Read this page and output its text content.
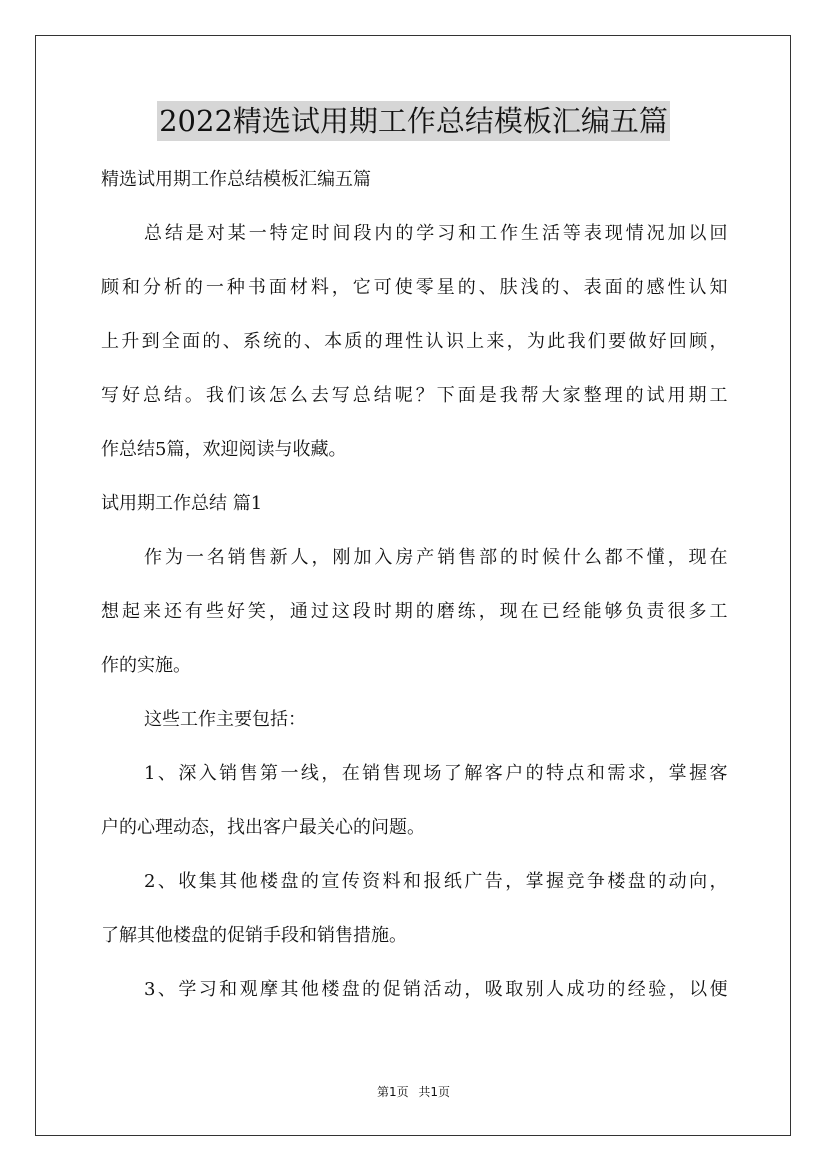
2022精选试用期工作总结模板汇编五篇
精选试用期工作总结模板汇编五篇
总结是对某一特定时间段内的学习和工作生活等表现情况加以回
顾和分析的一种书面材料，它可使零星的、肤浅的、表面的感性认知
上升到全面的、系统的、本质的理性认识上来，为此我们要做好回顾，
写好总结。我们该怎么去写总结呢？下面是我帮大家整理的试用期工
作总结5篇，欢迎阅读与收藏。
试用期工作总结 篇1
作为一名销售新人，刚加入房产销售部的时候什么都不懂，现在
想起来还有些好笑，通过这段时期的磨练，现在已经能够负责很多工
作的实施。
这些工作主要包括：
1、深入销售第一线，在销售现场了解客户的特点和需求，掌握客
户的心理动态，找出客户最关心的问题。
2、收集其他楼盘的宣传资料和报纸广告，掌握竞争楼盘的动向，
了解其他楼盘的促销手段和销售措施。
3、学习和观摩其他楼盘的促销活动，吸取别人成功的经验，以便
第1页 共1页
